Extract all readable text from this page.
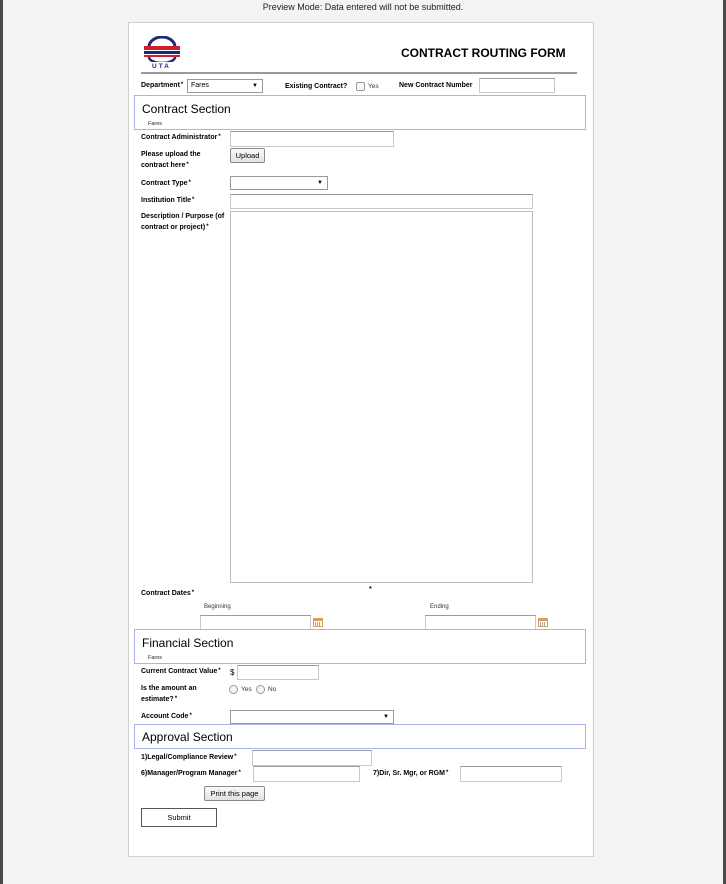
Preview Mode: Data entered will not be submitted.
UTA
CONTRACT ROUTING FORM
Department*	Fares	▼	Existing Contract?	Yes	New Contract Number
Contract Section
Fares
Contract Administrator*
Please upload the
contract here*
Upload
Contract Type*	▼
Institution Title*
Description / Purpose (of
contract or project)*
Contract Dates*	*
Beginning	Ending
Financial Section
Fares
Current Contract Value* $
Is the amount an
estimate?*
Yes	No
Account Code*	▼
Approval Section
1)Legal/Compliance Review*
6)Manager/Program Manager*	7)Dir, Sr. Mgr, or RGM*
Print this page
Submit
